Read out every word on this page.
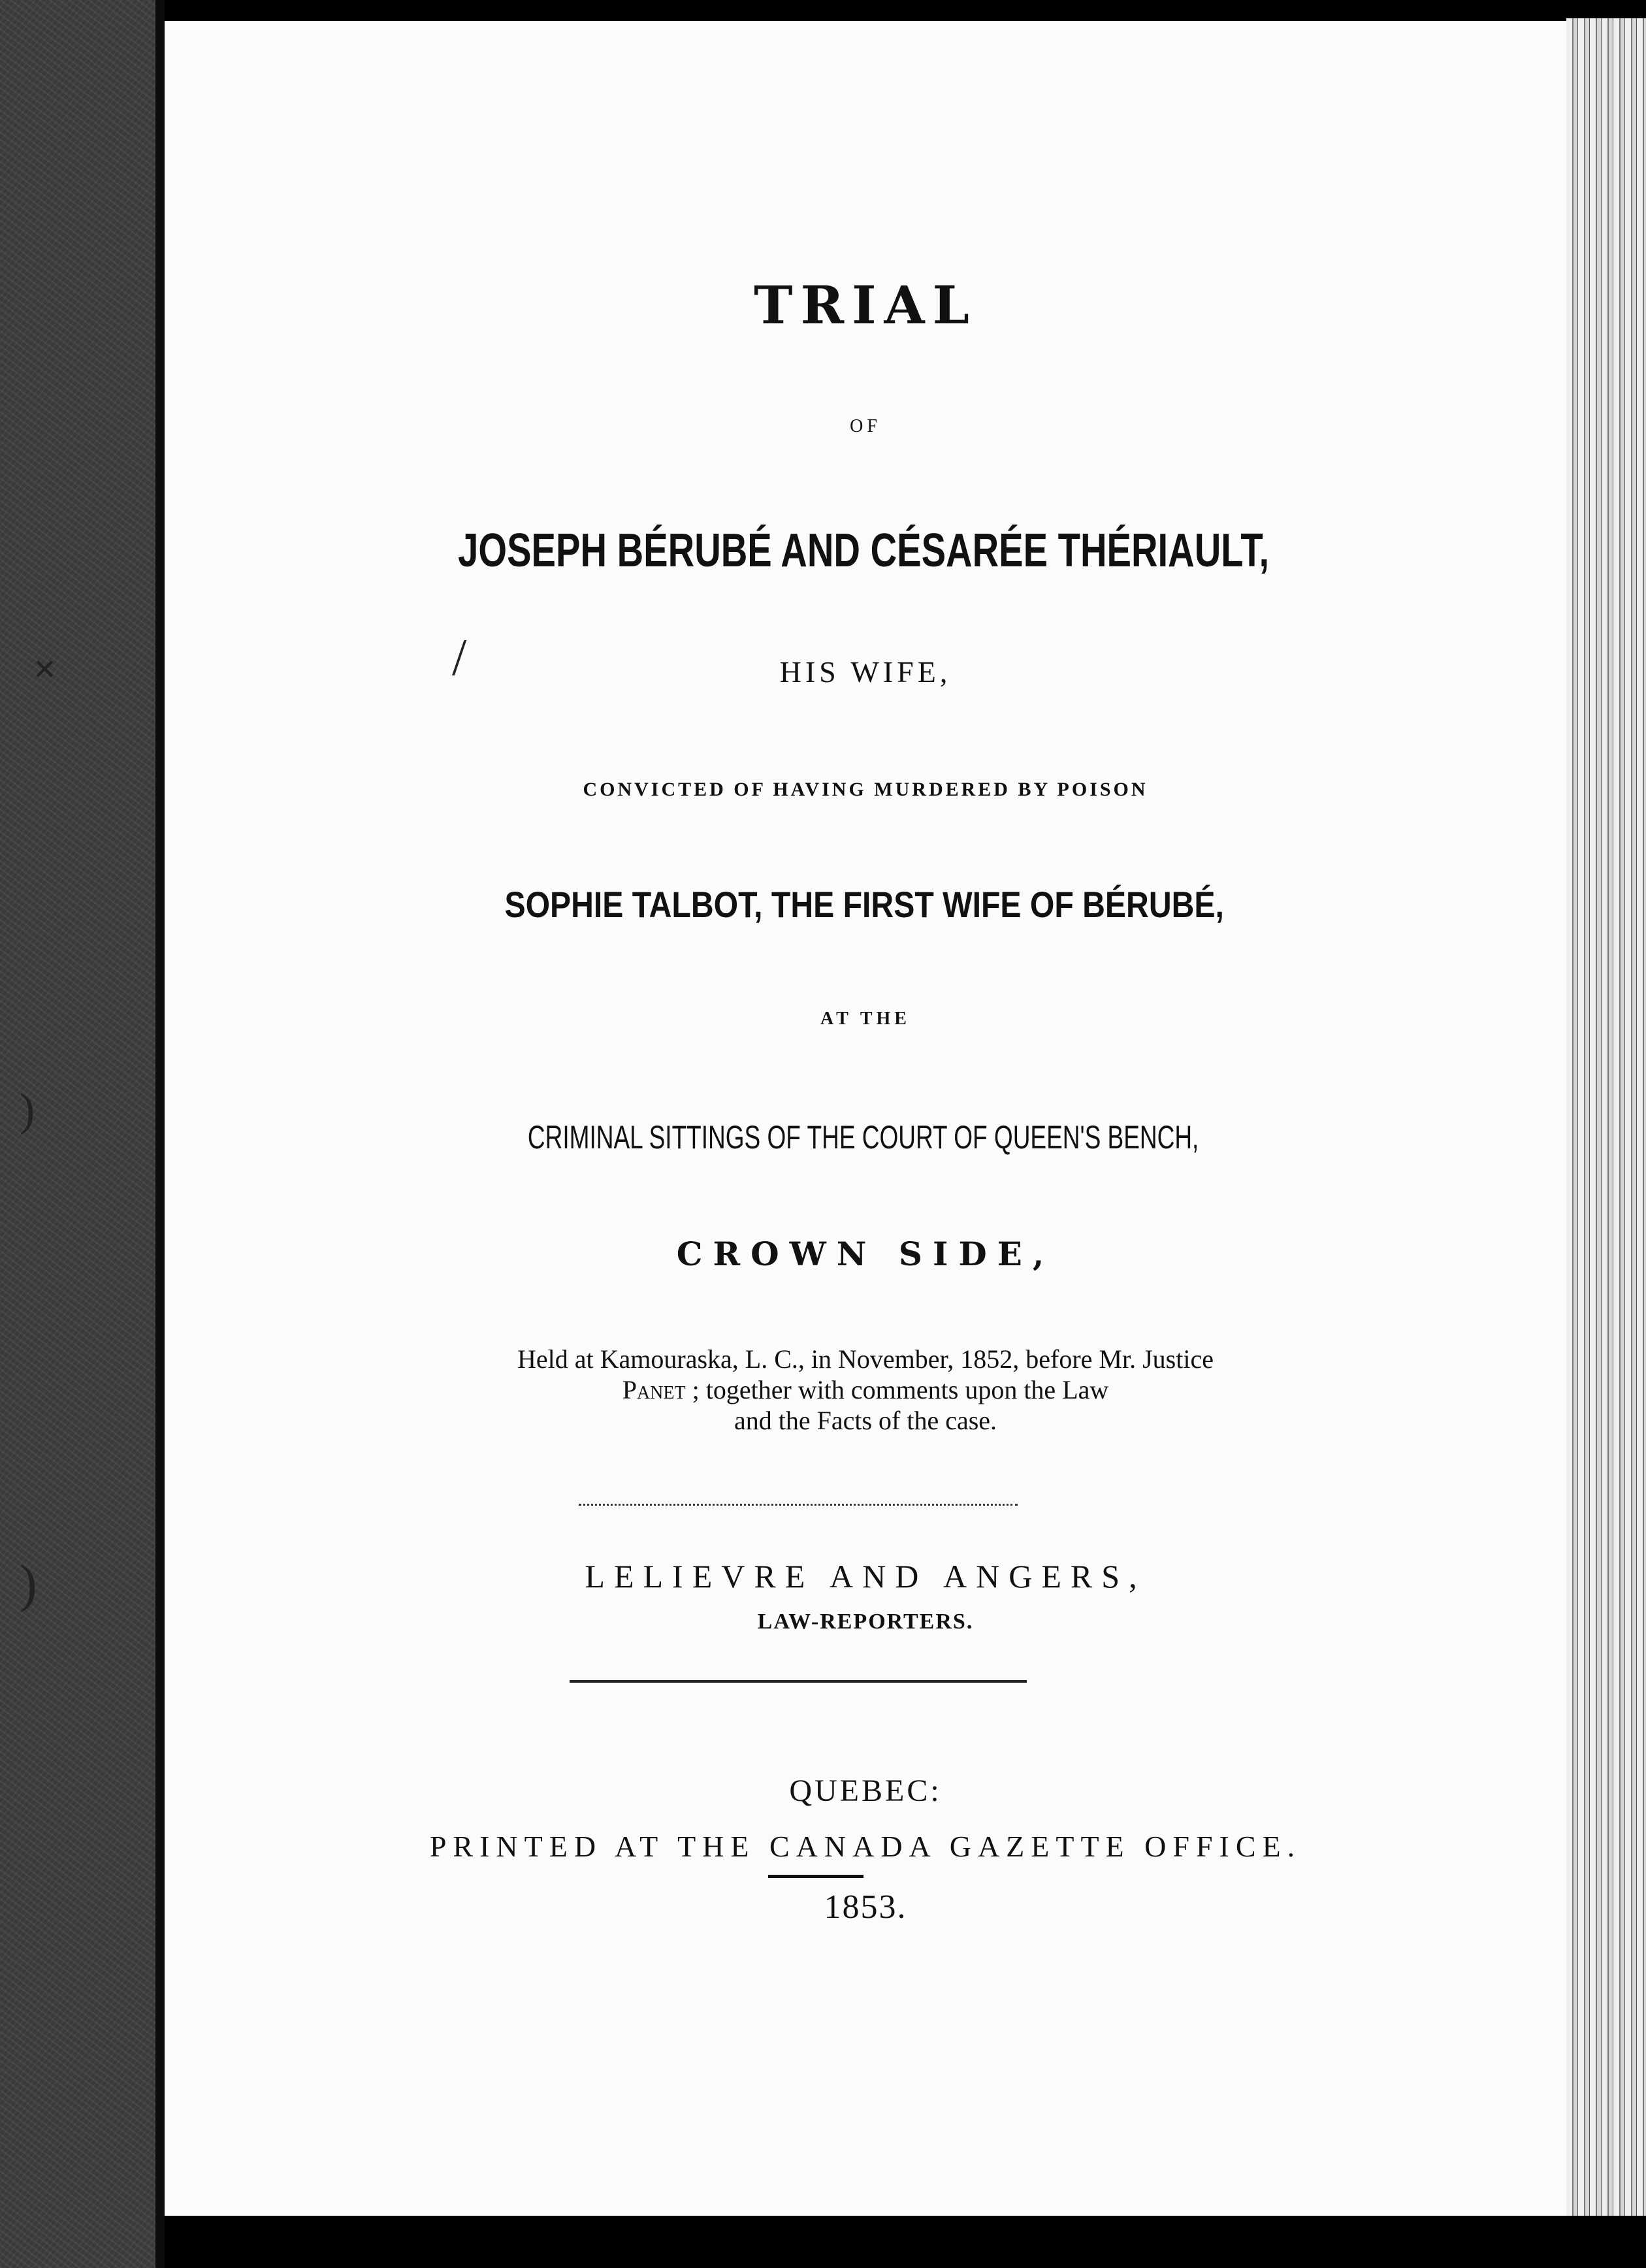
✕
)
)
/
TRIAL
OF
JOSEPH BÉRUBÉ AND CÉSARÉE THÉRIAULT,
HIS WIFE,
CONVICTED OF HAVING MURDERED BY POISON
SOPHIE TALBOT, THE FIRST WIFE OF BÉRUBÉ,
AT THE
CRIMINAL SITTINGS OF THE COURT OF QUEEN'S BENCH,
CROWN SIDE,
Held at Kamouraska, L. C., in November, 1852, before Mr. Justice
Panet ; together with comments upon the Law
and the Facts of the case.
LELIEVRE AND ANGERS,
LAW-REPORTERS.
QUEBEC:
PRINTED AT THE CANADA GAZETTE OFFICE.
1853.
